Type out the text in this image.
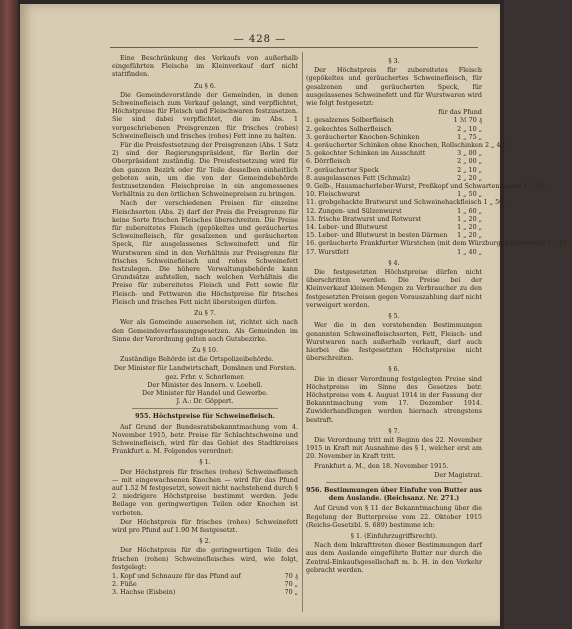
— 428 —

Eine Beschränkung des Verkaufs von außerhalb eingeführten Fleische im Kleinverkauf darf nicht stattfinden.

Zu § 6.

Die Gemeindevorstände der Gemeinden, in denen Schweinefleisch zum Verkauf gelangt, sind verpflichtet, Höchstpreise für Fleisch und Fleischwaren festzusetzen. Sie sind dabei verpflichtet, die im Abs. 1 vorgeschriebenen Preisgrenzen für frisches (rohes) Schweinefleisch und frisches (rohes) Fett inne zu halten.

Für die Preisfestsetzung der Preisgrenzen (Abs. 1 Satz 2) sind der Regierungspräsident, für Berlin der Oberpräsident zuständig. Die Preisfestsetzung wird für den ganzen Bezirk oder für Teile desselben einheitlich geboten sein, um die von der Gemeindebehörde festzusetzenden Fleischpreise in ein angemessenes Verhältnis zu den örtlichen Schweinepreisen zu bringen.

Nach der verschiedenen Preisen für einzelne Fleischsorten (Abs. 2) darf der Preis die Preisgrenze für keine Sorte frischen Fleisches überschreiten. Die Preise für zubereitetes Fleisch (gepökeltes und geräuchertes Schweinefleisch, für gesalzenen und geräucherten Speck, für ausgelassenes Schweinefett und für Wurstwaren sind in den Verhältnis zur Preisgrenze für frisches Schweinefleisch und rohes Schweinefett festzulegen. Die höhere Verwaltungsbehörde kann Grundsätze aufstellen, nach welchen Verhältnis die Preise für zubereitetes Fleisch und Fett sowie für Fleisch- und Fettwaren die Höchstpreise für frisches Fleisch und frisches Fett nicht übersteigen dürfen.

Zu § 7.

Wer als Gemeinde ausersehen ist, richtet sich nach den Gemeindeverfassungsgesetzen. Als Gemeinden im Sinne der Verordnung gelten auch Gutsbezirke.

Zu § 10.

Zuständige Behörde ist die Ortspolizeibehörde.

Der Minister für Landwirtschaft, Domänen und Forsten.
gez. Frhr. v. Schorlemer.
Der Minister des Innern. v. Loebell.
Der Minister für Handel und Gewerbe.
J. A.: Dr. Göppert.
955. Höchstpreise für Schweinefleisch.

Auf Grund der Bundesratsbekanntmachung vom 4. November 1915, betr. Preise für Schlachtschweine und Schweinefleisch, wird für das Gebiet des Stadtkreises Frankfurt a. M. Folgendes verordnet:

§ 1.

Der Höchstpreis für frisches (rohes) Schweinefleisch — mit eingewachsenen Knochen — wird für das Pfund auf 1.52 M festgesetzt, soweit nicht nachstehend durch § 2 niedrigere Höchstpreise bestimmt werden. Jede Beilage von geringwertigen Teilen oder Knochen ist verboten.

Der Höchstpreis für frisches (rohes) Schweinefett wird pro Pfund auf 1.90 M festgesetzt.

§ 2.

Der Höchstpreis für die geringwertigen Teile des frischen (rohen) Schweinefleisches wird, wie folgt, festgelegt:

1. Kopf und Schnauze für das Pfund auf	70 ₰
2. Füße	70 „
3. Hachse (Eisbein)	70 „
§ 3.

Der Höchstpreis für zubereitetes Fleisch (gepökeltes und geräuchertes Schweinefleisch, für gesalzenen und geräucherten Speck, für ausgelassenes Schweinefett und für Wurstwaren wird wie folgt festgesetzt:

für das Pfund
1. gesalzenes Solberfleisch	1 ℳ 70 ₰
2. gekochtes Solberfleisch	2 „ 10 „
3. geräucherter Knochen-Schinken	1 „ 75 „
4. geräucherter Schinken ohne Knochen, Rollschinken 2 „ 40 „
5. gekochter Schinken im Ausschnitt	3 „ 00 „
6. Dörrfleisch	2 „ 00 „
7. geräucherter Speck	2 „ 10 „
8. ausgelassenes Fett (Schmalz)	2 „ 20 „
9. Gelb-, Hausmacherleber-Wurst, Preßkopf und Schwartenmagen 1 „ 50 „
10. Fleischwurst	1 „ 50 „
11. grobgehackte Bratwurst und Schweinehackfleisch 1 „ 50 „
12. Zungen- und Sülzenwurst	1 „ 60 „
13. frische Bratwurst und Rotwurst	1 „ 20 „
14. Leber- und Blutwurst	1 „ 20 „
15. Leber- und Blutwurst in besten Därmen	1 „ 20 „
16. geräucherte Frankfurter Würstchen (mit dem Würzburgen gemessen) 1 „ 75 „
17. Wurstfett	1 „ 40 „
§ 4.

Die festgesetzten Höchstpreise dürfen nicht überschritten werden. Die Preise bei der Kleinverkauf kleinen Mengen zu Verbraucher zu den festgesetzten Preisen gegen Vorauszahlung darf nicht verweigert werden.

§ 5.

Wer die in den vorstehenden Bestimmungen genannten Schweinefleischsorten, Fett, Fleisch- und Wurstwaren nach außerhalb verkauft, darf auch hierbei die festgesetzten Höchstpreise nicht überschreiten.

§ 6.

Die in dieser Verordnung festgelegten Preise sind Höchstpreise im Sinne des Gesetzes betr. Höchstpreise vom 4. August 1914 in der Fassung der Bekanntmachung vom 17. Dezember 1914. Zuwiderhandlungen werden hiernach strengstens bestraft.

§ 7.

Die Verordnung tritt mit Beginn des 22. November 1915 in Kraft mit Ausnahme des § 1, welcher erst am 20. November in Kraft tritt.

Frankfurt a. M., den 18. November 1915.

Der Magistrat.
956. Bestimmungen über Einfuhr von Butter aus dem Auslande. (Reichsanz. Nr. 271.)

Auf Grund von § 11 der Bekanntmachung über die Regelung der Butterpreise vom 22. Oktober 1915 (Reichs-Gesetzbl. S. 689) bestimme ich:

§ 1. (Einfuhrzugriffsrecht).

Nach dem Inkrafttreten dieser Bestimmungen darf aus dem Auslande eingeführte Butter nur durch die Zentral-Einkaufsgesellschaft m. b. H. in den Verkehr gebracht werden.
